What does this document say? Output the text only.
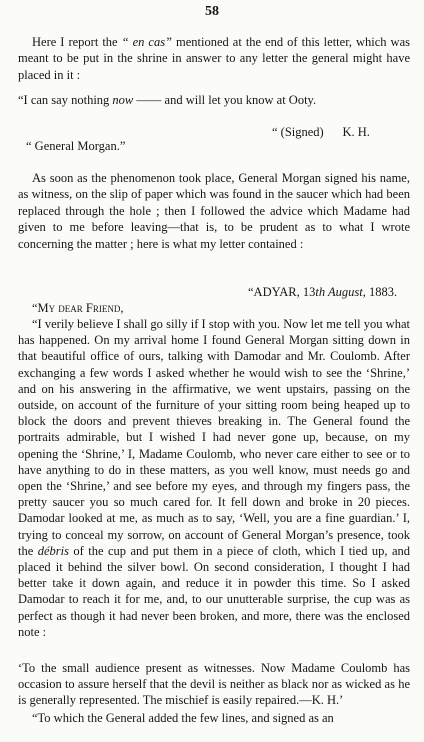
58
Here I report the “ en cas” mentioned at the end of this letter, which was meant to be put in the shrine in answer to any letter the general might have placed in it :
“I can say nothing now —— and will let you know at Ooty.
“ (Signed) K. H.
“ General Morgan.”
As soon as the phenomenon took place, General Morgan signed his name, as witness, on the slip of paper which was found in the saucer which had been replaced through the hole ; then I followed the advice which Madame had given to me before leaving—that is, to be prudent as to what I wrote concerning the matter ; here is what my letter contained :
“ADYAR, 13th August, 1883.
“My dear Friend,
“I verily believe I shall go silly if I stop with you. Now let me tell you what has happened. On my arrival home I found General Morgan sitting down in that beautiful office of ours, talking with Damodar and Mr. Coulomb. After exchanging a few words I asked whether he would wish to see the ‘Shrine,’ and on his answering in the affirmative, we went upstairs, passing on the outside, on account of the furniture of your sitting room being heaped up to block the doors and prevent thieves breaking in. The General found the portraits admirable, but I wished I had never gone up, because, on my opening the ‘Shrine,’ I, Madame Coulomb, who never care either to see or to have anything to do in these matters, as you well know, must needs go and open the ‘Shrine,’ and see before my eyes, and through my fingers pass, the pretty saucer you so much cared for. It fell down and broke in 20 pieces. Damodar looked at me, as much as to say, ‘Well, you are a fine guardian.’ I, trying to conceal my sorrow, on account of General Morgan’s presence, took the débris of the cup and put them in a piece of cloth, which I tied up, and placed it behind the silver bowl. On second consideration, I thought I had better take it down again, and reduce it in powder this time. So I asked Damodar to reach it for me, and, to our unutterable surprise, the cup was as perfect as though it had never been broken, and more, there was the enclosed note :
‘To the small audience present as witnesses. Now Madame Coulomb has occasion to assure herself that the devil is neither as black nor as wicked as he is generally represented. The mischief is easily repaired.—K. H.’
“To which the General added the few lines, and signed as an
